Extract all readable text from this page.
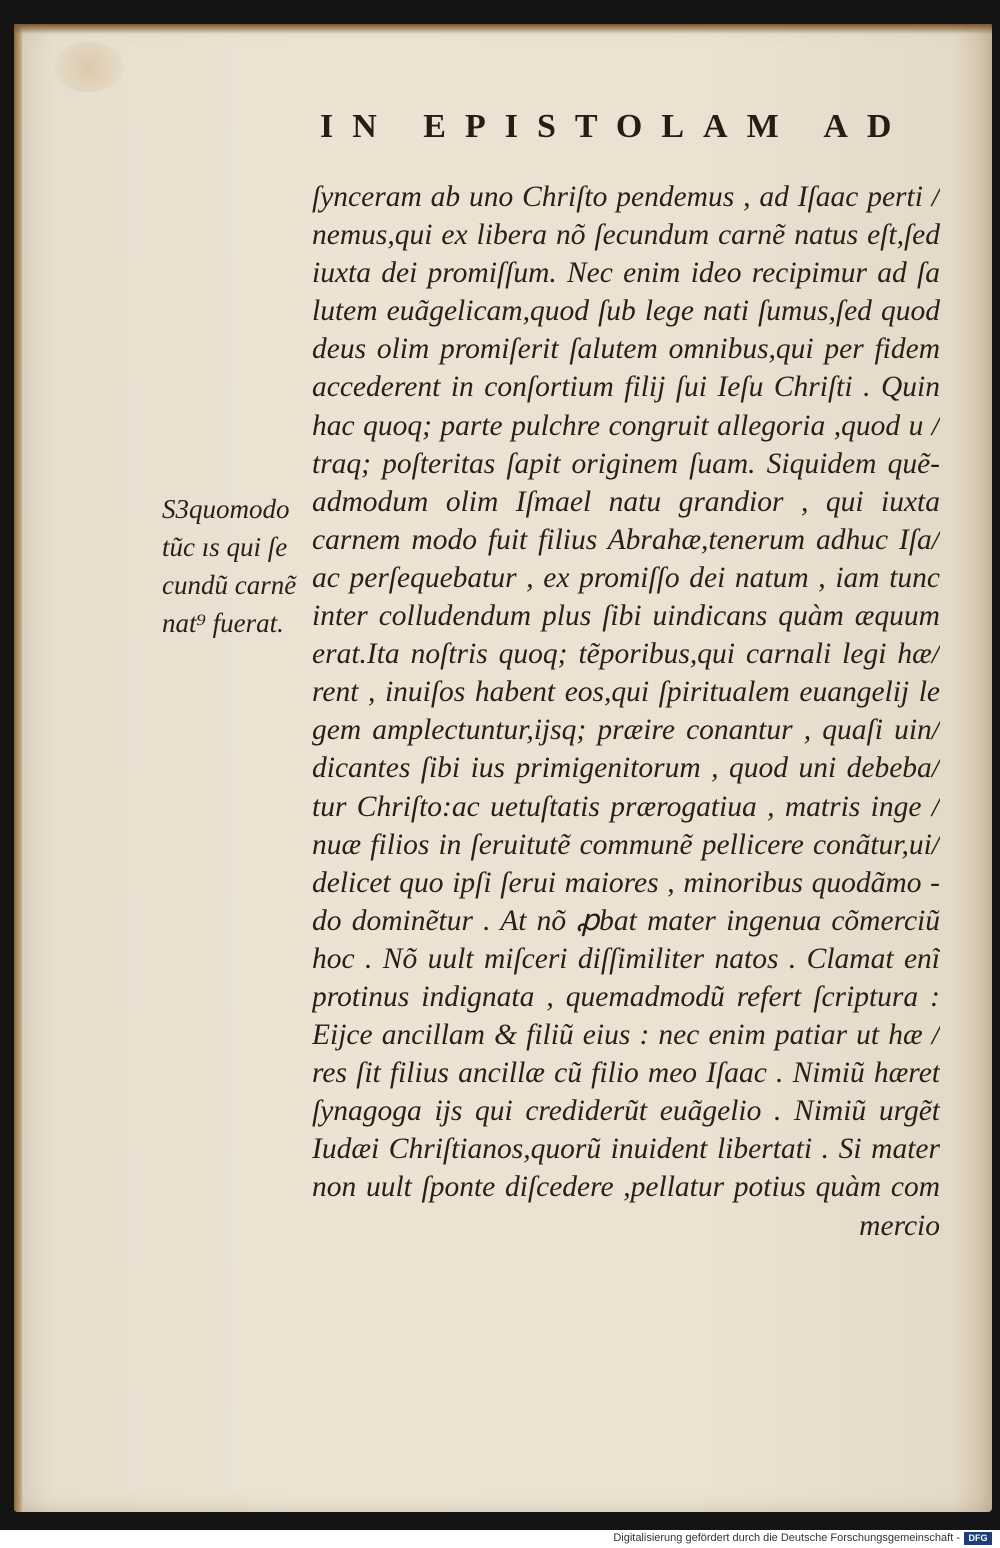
IN EPISTOLAM AD
S3quomodo
tũc ıs qui ſe
cundũ carnẽ
nat⁹ fuerat.
ſynceram ab uno Chriſto pendemus , ad Iſaac perti /
nemus,qui ex libera nõ ſecundum carnẽ natus eſt,ſed
iuxta dei promiſſum. Nec enim ideo recipimur ad ſa
lutem euãgelicam,quod ſub lege nati ſumus,ſed quod
deus olim promiſerit ſalutem omnibus,qui per fidem
accederent in conſortium filij ſui Ieſu Chriſti . Quin
hac quoq; parte pulchre congruit allegoria ,quod u /
traq; poſteritas ſapit originem ſuam. Siquidem quẽ-
admodum olim Iſmael natu grandior , qui iuxta
carnem modo fuit filius Abrahæ,tenerum adhuc Iſa/
ac perſequebatur , ex promiſſo dei natum , iam tunc
inter colludendum plus ſibi uindicans quàm æquum
erat.Ita noſtris quoq; tẽporibus,qui carnali legi hæ/
rent , inuiſos habent eos,qui ſpiritualem euangelij le
gem amplectuntur,ijsq; præire conantur , quaſi uin/
dicantes ſibi ius primigenitorum , quod uni debeba/
tur Chriſto:ac uetuſtatis prærogatiua , matris inge /
nuæ filios in ſeruitutẽ communẽ pellicere conãtur,ui/
delicet quo ipſi ſerui maiores , minoribus quodãmo -
do dominẽtur . At nõ ꝓbat mater ingenua cõmerciũ
hoc . Nõ uult miſceri diſſimiliter natos . Clamat enĩ
protinus indignata , quemadmodũ refert ſcriptura :
Eijce ancillam & filiũ eius : nec enim patiar ut hæ /
res ſit filius ancillæ cũ filio meo Iſaac . Nimiũ hæret
ſynagoga ijs qui crediderũt euãgelio . Nimiũ urgẽt
Iudæi Chriſtianos,quorũ inuident libertati . Si mater
non uult ſponte diſcedere ,pellatur potius quàm com
mercio
Digitalisierung gefördert durch die Deutsche Forschungsgemeinschaft - DFG
